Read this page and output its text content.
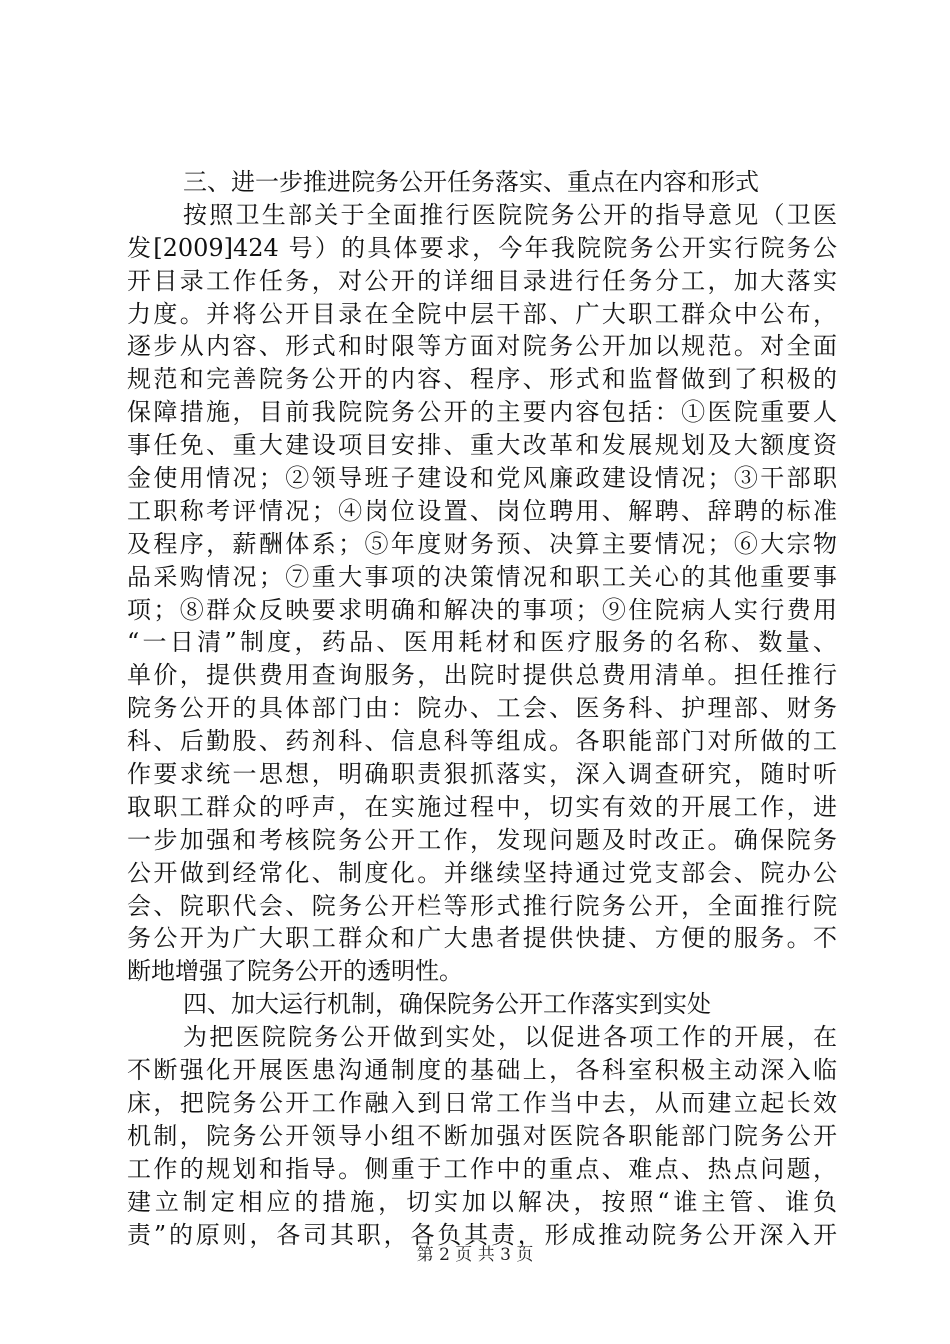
三、进一步推进院务公开任务落实、重点在内容和形式
按照卫生部关于全面推行医院院务公开的指导意见（卫医
发[2009]424 号）的具体要求，今年我院院务公开实行院务公
开目录工作任务，对公开的详细目录进行任务分工，加大落实
力度。并将公开目录在全院中层干部、广大职工群众中公布，
逐步从内容、形式和时限等方面对院务公开加以规范。对全面
规范和完善院务公开的内容、程序、形式和监督做到了积极的
保障措施，目前我院院务公开的主要内容包括：①医院重要人
事任免、重大建设项目安排、重大改革和发展规划及大额度资
金使用情况；②领导班子建设和党风廉政建设情况；③干部职
工职称考评情况；④岗位设置、岗位聘用、解聘、辞聘的标准
及程序，薪酬体系；⑤年度财务预、决算主要情况；⑥大宗物
品采购情况；⑦重大事项的决策情况和职工关心的其他重要事
项；⑧群众反映要求明确和解决的事项；⑨住院病人实行费用
“一日清”制度，药品、医用耗材和医疗服务的名称、数量、
单价，提供费用查询服务，出院时提供总费用清单。担任推行
院务公开的具体部门由：院办、工会、医务科、护理部、财务
科、后勤股、药剂科、信息科等组成。各职能部门对所做的工
作要求统一思想，明确职责狠抓落实，深入调查研究，随时听
取职工群众的呼声，在实施过程中，切实有效的开展工作，进
一步加强和考核院务公开工作，发现问题及时改正。确保院务
公开做到经常化、制度化。并继续坚持通过党支部会、院办公
会、院职代会、院务公开栏等形式推行院务公开，全面推行院
务公开为广大职工群众和广大患者提供快捷、方便的服务。不
断地增强了院务公开的透明性。
四、加大运行机制，确保院务公开工作落实到实处
为把医院院务公开做到实处，以促进各项工作的开展，在
不断强化开展医患沟通制度的基础上，各科室积极主动深入临
床，把院务公开工作融入到日常工作当中去，从而建立起长效
机制，院务公开领导小组不断加强对医院各职能部门院务公开
工作的规划和指导。侧重于工作中的重点、难点、热点问题，
建立制定相应的措施，切实加以解决，按照“谁主管、谁负
责”的原则，各司其职，各负其责，形成推动院务公开深入开
第 2 页 共 3 页
